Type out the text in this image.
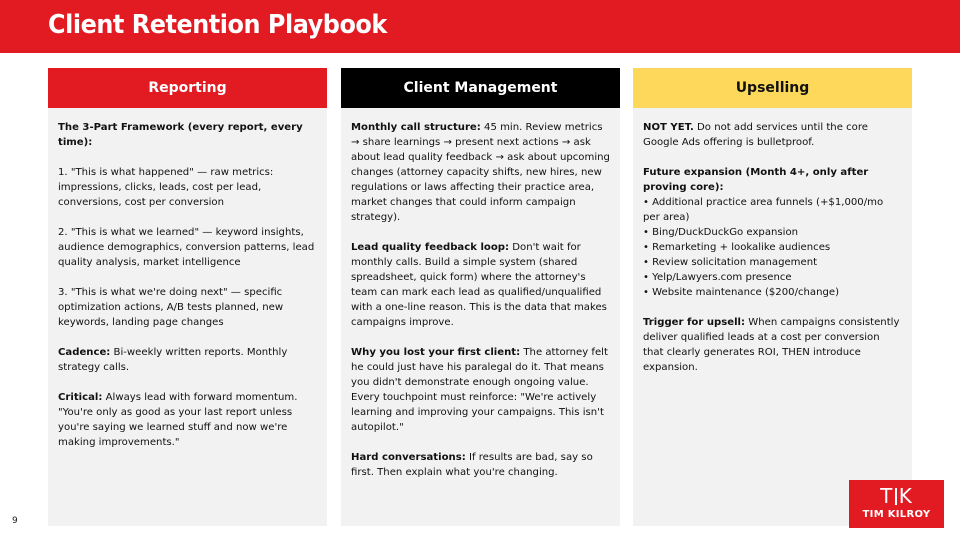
Client Retention Playbook
Reporting

The 3-Part Framework (every report, every time):

1. "This is what happened" — raw metrics: impressions, clicks, leads, cost per lead, conversions, cost per conversion

2. "This is what we learned" — keyword insights, audience demographics, conversion patterns, lead quality analysis, market intelligence

3. "This is what we're doing next" — specific optimization actions, A/B tests planned, new keywords, landing page changes

Cadence: Bi-weekly written reports. Monthly strategy calls.

Critical: Always lead with forward momentum. "You're only as good as your last report unless you're saying we learned stuff and now we're making improvements."

Client Management

Monthly call structure: 45 min. Review metrics → share learnings → present next actions → ask about lead quality feedback → ask about upcoming changes (attorney capacity shifts, new hires, new regulations or laws affecting their practice area, market changes that could inform campaign strategy).

Lead quality feedback loop: Don't wait for monthly calls. Build a simple system (shared spreadsheet, quick form) where the attorney's team can mark each lead as qualified/unqualified with a one-line reason. This is the data that makes campaigns improve.

Why you lost your first client: The attorney felt he could just have his paralegal do it. That means you didn't demonstrate enough ongoing value. Every touchpoint must reinforce: "We're actively learning and improving your campaigns. This isn't autopilot."

Hard conversations: If results are bad, say so first. Then explain what you're changing.

Upselling

NOT YET. Do not add services until the core Google Ads offering is bulletproof.

Future expansion (Month 4+, only after proving core):

• Additional practice area funnels (+$1,000/mo per area)
• Bing/DuckDuckGo expansion
• Remarketing + lookalike audiences
• Review solicitation management
• Yelp/Lawyers.com presence
• Website maintenance ($200/change)

Trigger for upsell: When campaigns consistently deliver qualified leads at a cost per conversion that clearly generates ROI, THEN introduce expansion.

9
T K
TIM KILROY
